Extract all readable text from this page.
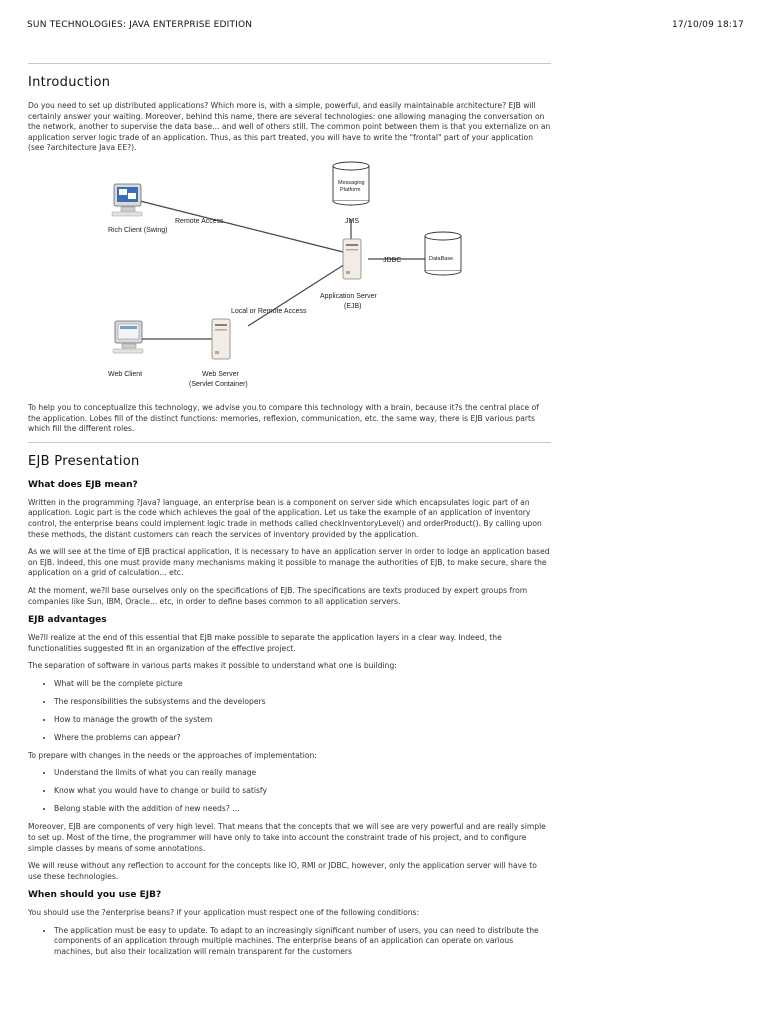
SUN TECHNOLOGIES: JAVA ENTERPRISE EDITION	17/10/09 18:17
Introduction

Do you need to set up distributed applications? Which more is, with a simple, powerful, and easily maintainable architecture? EJB will certainly answer your waiting. Moreover, behind this name, there are several technologies: one allowing managing the conversation on the network, another to supervise the data base... and well of others still. The common point between them is that you externalize on an application server logic trade of an application. Thus, as this part treated, you will have to write the "frontal" part of your application (see ?architecture Java EE?).

Rich Client (Swing)
Remote Access
Messaging
Platform
JMS
JDBC
Application Server
(EJB)
DataBase
Local or Remote Access
Web Client	Web Server
(Servlet Container)

To help you to conceptualize this technology, we advise you to compare this technology with a brain, because it?s the central place of the application. Lobes fill of the distinct functions: memories, reflexion, communication, etc. the same way, there is EJB various parts which fill the different roles.

EJB Presentation
What does EJB mean?

Written in the programming ?Java? language, an enterprise bean is a component on server side which encapsulates logic part of an application. Logic part is the code which achieves the goal of the application. Let us take the example of an application of inventory control, the enterprise beans could implement logic trade in methods called checkInventoryLevel() and orderProduct(). By calling upon these methods, the distant customers can reach the services of inventory provided by the application.

As we will see at the time of EJB practical application, it is necessary to have an application server in order to lodge an application based on EJB. Indeed, this one must provide many mechanisms making it possible to manage the authorities of EJB, to make secure, share the application on a grid of calculation... etc.

At the moment, we?ll base ourselves only on the specifications of EJB. The specifications are texts produced by expert groups from companies like Sun, IBM, Oracle... etc, in order to define bases common to all application servers.

EJB advantages

We?ll realize at the end of this essential that EJB make possible to separate the application layers in a clear way. Indeed, the functionalities suggested fit in an organization of the effective project.

The separation of software in various parts makes it possible to understand what one is building:

• What will be the complete picture
• The responsibilities the subsystems and the developers
• How to manage the growth of the system
• Where the problems can appear?

To prepare with changes in the needs or the approaches of implementation:

• Understand the limits of what you can really manage
• Know what you would have to change or build to satisfy
• Belong stable with the addition of new needs? ...

Moreover, EJB are components of very high level. That means that the concepts that we will see are very powerful and are really simple to set up. Most of the time, the programmer will have only to take into account the constraint trade of his project, and to configure simple classes by means of some annotations.

We will reuse without any reflection to account for the concepts like IO, RMI or JDBC, however, only the application server will have to use these technologies.

When should you use EJB?

You should use the ?enterprise beans? if your application must respect one of the following conditions:

• The application must be easy to update. To adapt to an increasingly significant number of users, you can need to distribute the components of an application through multiple machines. The enterprise beans of an application can operate on various machines, but also their localization will remain transparent for the customers
